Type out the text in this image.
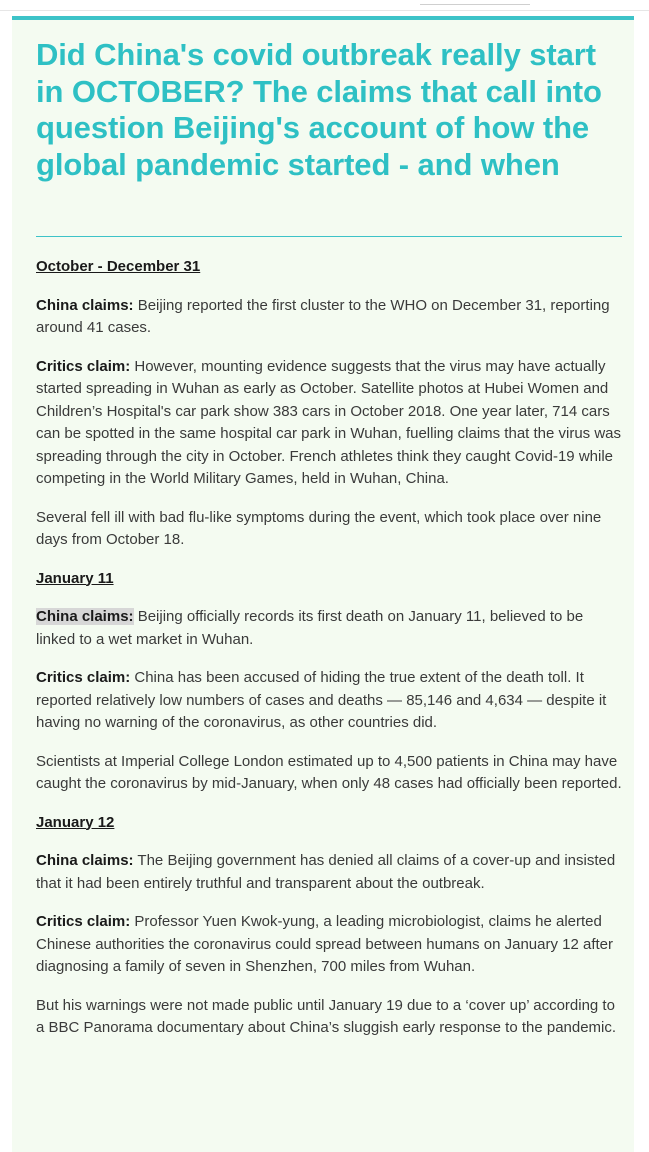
Did China's covid outbreak really start in OCTOBER? The claims that call into question Beijing's account of how the global pandemic started - and when

October - December 31

China claims: Beijing reported the first cluster to the WHO on December 31, reporting around 41 cases.

Critics claim: However, mounting evidence suggests that the virus may have actually started spreading in Wuhan as early as October. Satellite photos at Hubei Women and Children’s Hospital's car park show 383 cars in October 2018. One year later, 714 cars can be spotted in the same hospital car park in Wuhan, fuelling claims that the virus was spreading through the city in October. French athletes think they caught Covid-19 while competing in the World Military Games, held in Wuhan, China.

Several fell ill with bad flu-like symptoms during the event, which took place over nine days from October 18.

January 11

China claims: Beijing officially records its first death on January 11, believed to be linked to a wet market in Wuhan.

Critics claim: China has been accused of hiding the true extent of the death toll. It reported relatively low numbers of cases and deaths — 85,146 and 4,634 — despite it having no warning of the coronavirus, as other countries did.

Scientists at Imperial College London estimated up to 4,500 patients in China may have caught the coronavirus by mid-January, when only 48 cases had officially been reported.

January 12

China claims: The Beijing government has denied all claims of a cover-up and insisted that it had been entirely truthful and transparent about the outbreak.

Critics claim: Professor Yuen Kwok-yung, a leading microbiologist, claims he alerted Chinese authorities the coronavirus could spread between humans on January 12 after diagnosing a family of seven in Shenzhen, 700 miles from Wuhan.

But his warnings were not made public until January 19 due to a ‘cover up’ according to a BBC Panorama documentary about China’s sluggish early response to the pandemic.
